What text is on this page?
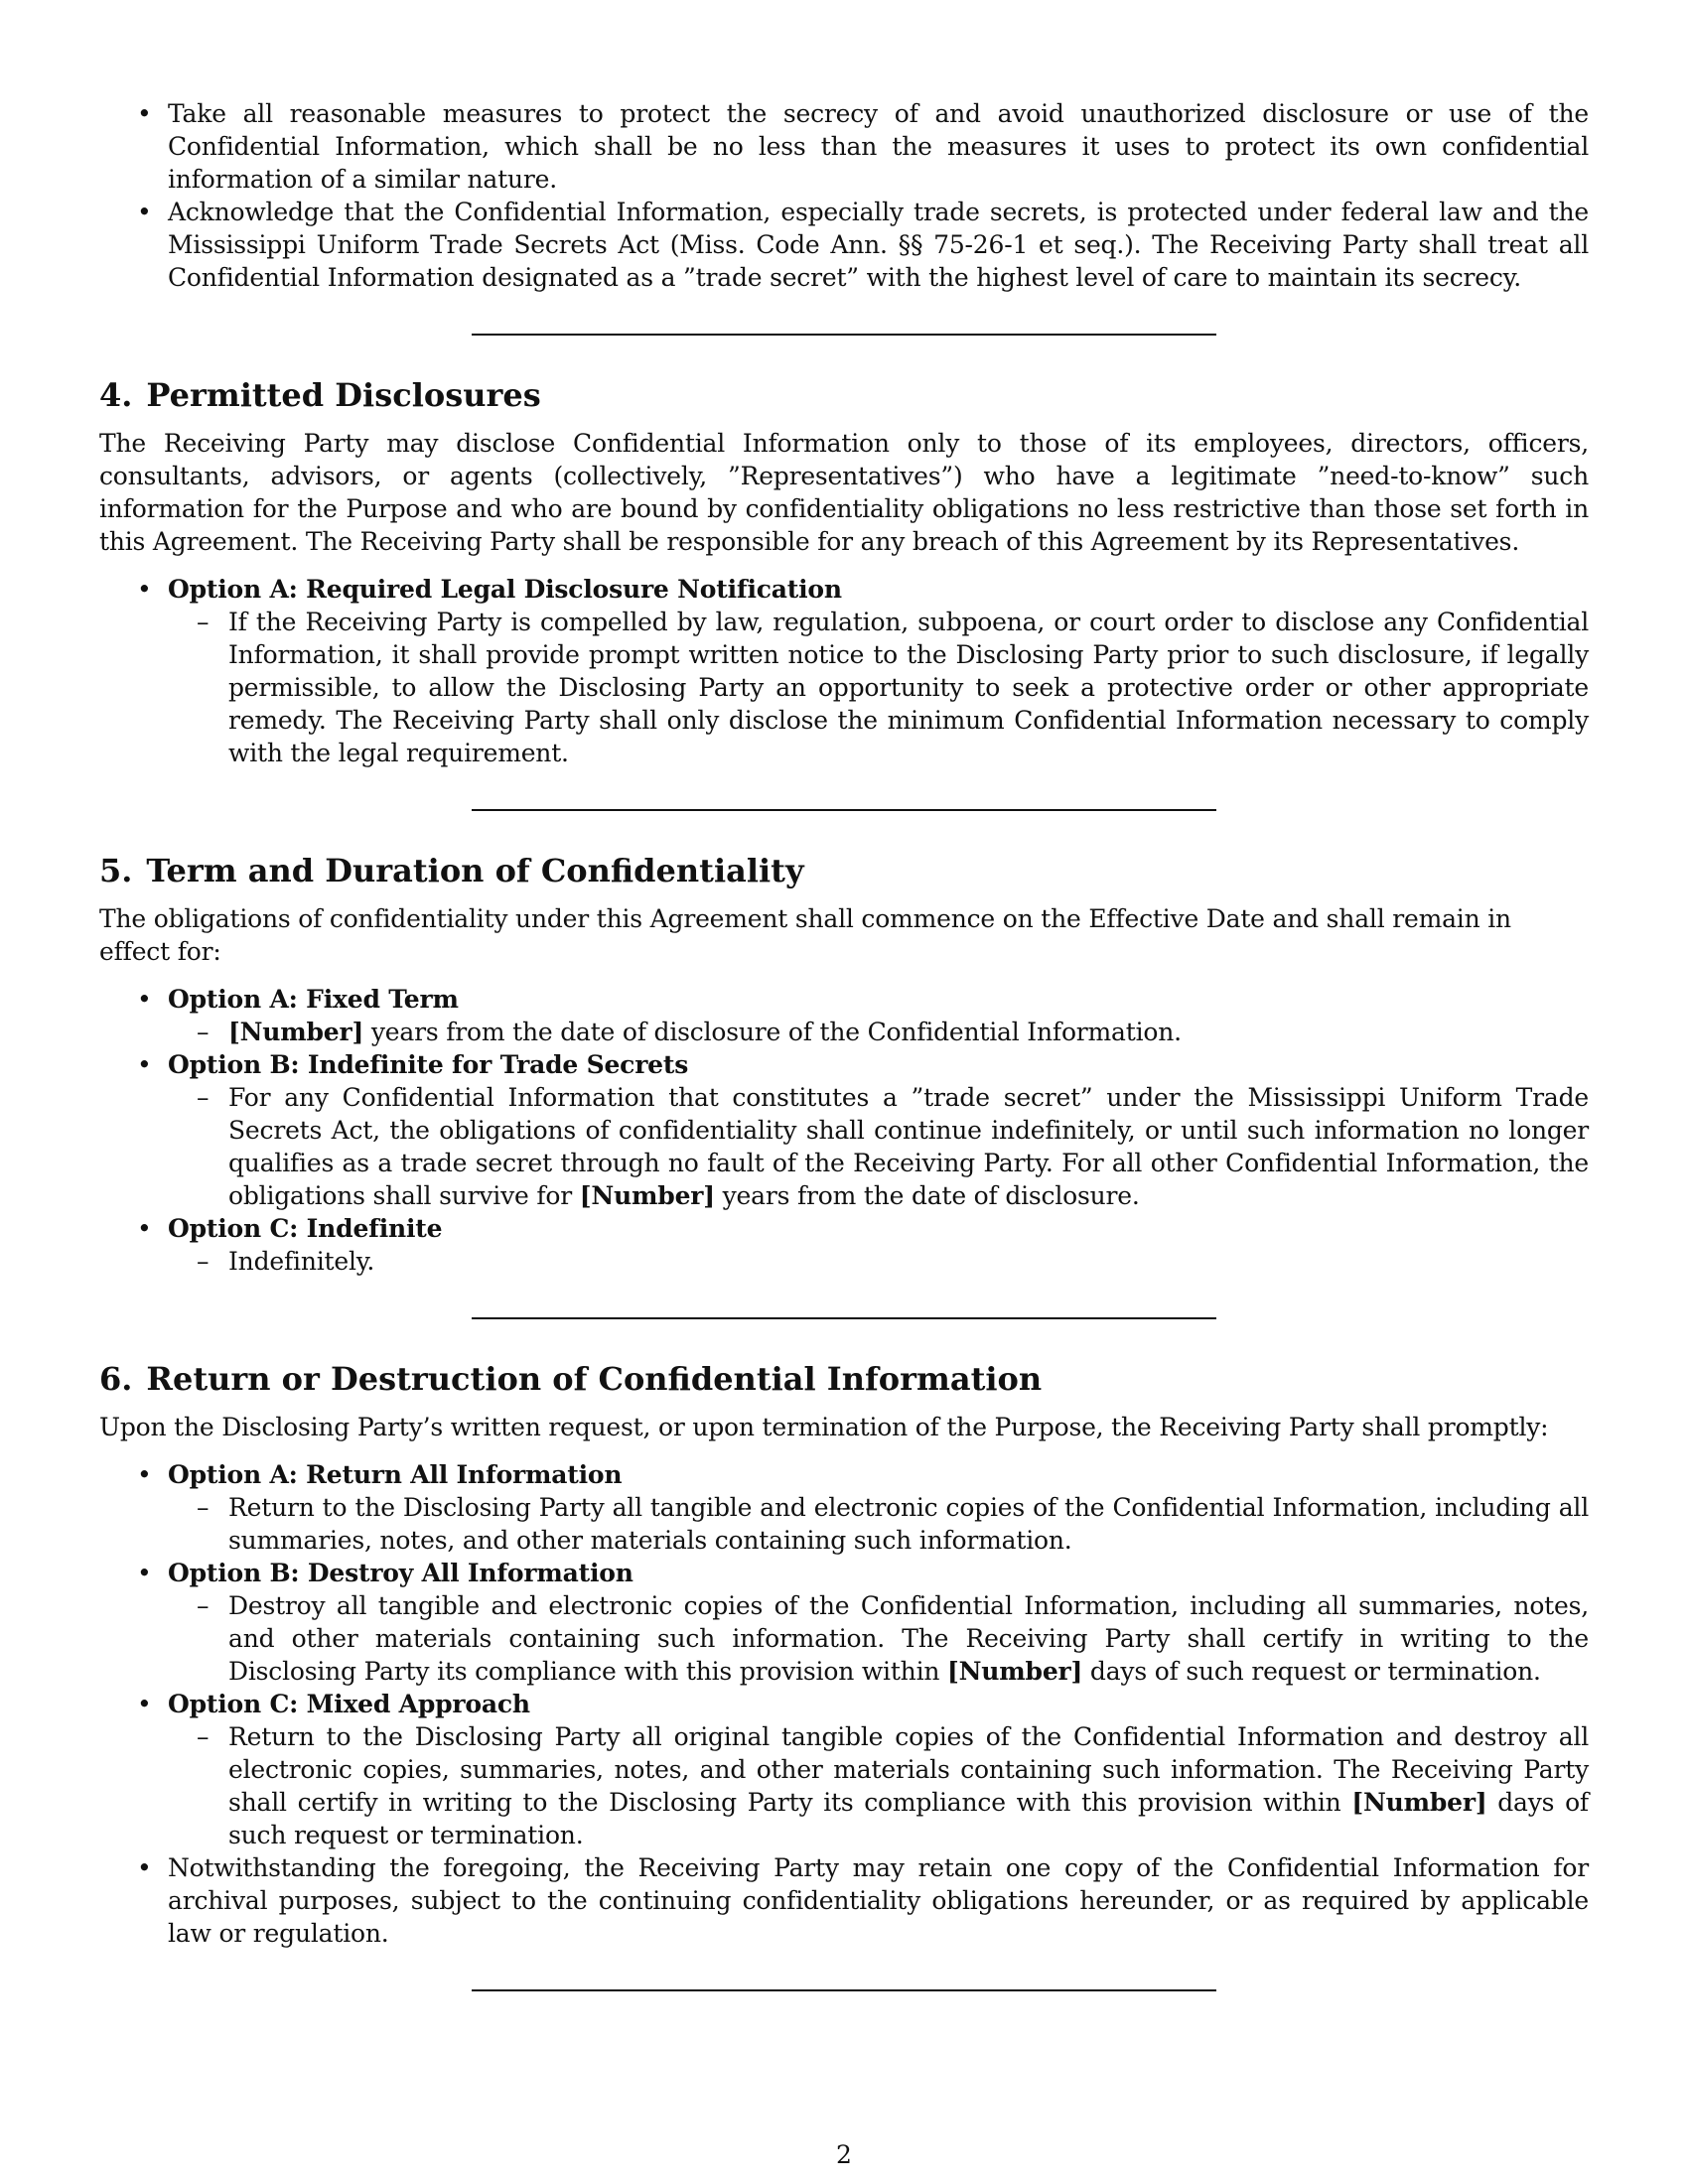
• Take all reasonable measures to protect the secrecy of and avoid unauthorized disclosure or use of the Confidential Information, which shall be no less than the measures it uses to protect its own confidential information of a similar nature.
• Acknowledge that the Confidential Information, especially trade secrets, is protected under federal law and the Mississippi Uniform Trade Secrets Act (Miss. Code Ann. §§ 75-26-1 et seq.). The Receiving Party shall treat all Confidential Information designated as a ”trade secret” with the highest level of care to maintain its secrecy.
4. Permitted Disclosures

The Receiving Party may disclose Confidential Information only to those of its employees, directors, officers, consultants, advisors, or agents (collectively, ”Representatives”) who have a legitimate ”need-to-know” such information for the Purpose and who are bound by confidentiality obligations no less restrictive than those set forth in this Agreement. The Receiving Party shall be responsible for any breach of this Agreement by its Representatives.

• Option A: Required Legal Disclosure Notification
– If the Receiving Party is compelled by law, regulation, subpoena, or court order to disclose any Confidential Information, it shall provide prompt written notice to the Disclosing Party prior to such disclosure, if legally permissible, to allow the Disclosing Party an opportunity to seek a protective order or other appropriate remedy. The Receiving Party shall only disclose the minimum Confidential Information necessary to comply with the legal requirement.
5. Term and Duration of Confidentiality

The obligations of confidentiality under this Agreement shall commence on the Effective Date and shall remain in effect for:

• Option A: Fixed Term
– [Number] years from the date of disclosure of the Confidential Information.
• Option B: Indefinite for Trade Secrets
– For any Confidential Information that constitutes a ”trade secret” under the Mississippi Uniform Trade Secrets Act, the obligations of confidentiality shall continue indefinitely, or until such information no longer qualifies as a trade secret through no fault of the Receiving Party. For all other Confidential Information, the obligations shall survive for [Number] years from the date of disclosure.
• Option C: Indefinite
– Indefinitely.
6. Return or Destruction of Confidential Information

Upon the Disclosing Party’s written request, or upon termination of the Purpose, the Receiving Party shall promptly:

• Option A: Return All Information
– Return to the Disclosing Party all tangible and electronic copies of the Confidential Information, including all summaries, notes, and other materials containing such information.
• Option B: Destroy All Information
– Destroy all tangible and electronic copies of the Confidential Information, including all summaries, notes, and other materials containing such information. The Receiving Party shall certify in writing to the Disclosing Party its compliance with this provision within [Number] days of such request or termination.
• Option C: Mixed Approach
– Return to the Disclosing Party all original tangible copies of the Confidential Information and destroy all electronic copies, summaries, notes, and other materials containing such information. The Receiving Party shall certify in writing to the Disclosing Party its compliance with this provision within [Number] days of such request or termination.
• Notwithstanding the foregoing, the Receiving Party may retain one copy of the Confidential Information for archival purposes, subject to the continuing confidentiality obligations hereunder, or as required by applicable law or regulation.
2
